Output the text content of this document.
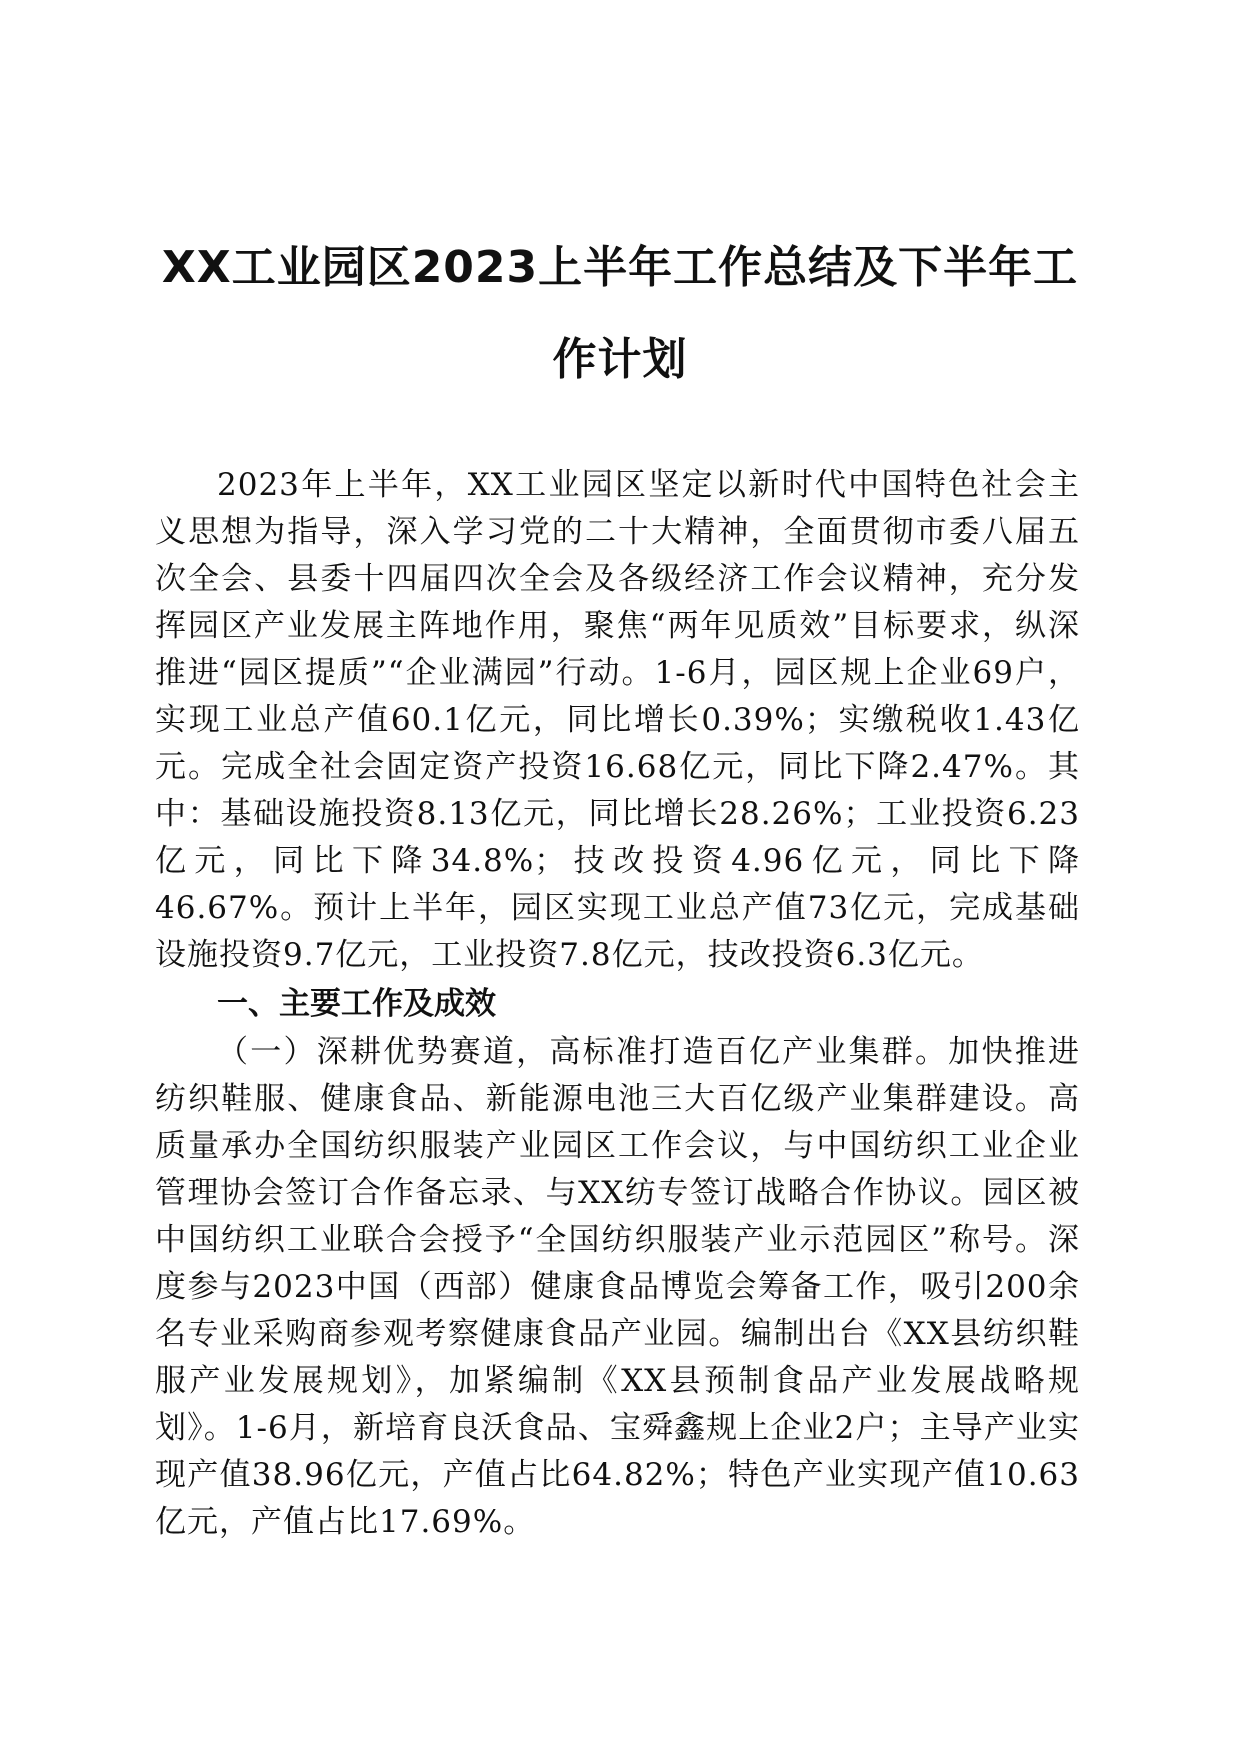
XX工业园区2023上半年工作总结及下半年工作计划

2023年上半年，XX工业园区坚定以新时代中国特色社会主义思想为指导，深入学习党的二十大精神，全面贯彻市委八届五次全会、县委十四届四次全会及各级经济工作会议精神，充分发挥园区产业发展主阵地作用，聚焦“两年见质效”目标要求，纵深推进“园区提质”“企业满园”行动。1-6月，园区规上企业69户，实现工业总产值60.1亿元，同比增长0.39%；实缴税收1.43亿元。完成全社会固定资产投资16.68亿元，同比下降2.47%。其中：基础设施投资8.13亿元，同比增长28.26%；工业投资6.23亿元，同比下降34.8%；技改投资4.96亿元，同比下降46.67%。预计上半年，园区实现工业总产值73亿元，完成基础设施投资9.7亿元，工业投资7.8亿元，技改投资6.3亿元。

一、主要工作及成效

（一）深耕优势赛道，高标准打造百亿产业集群。加快推进纺织鞋服、健康食品、新能源电池三大百亿级产业集群建设。高质量承办全国纺织服装产业园区工作会议，与中国纺织工业企业管理协会签订合作备忘录、与XX纺专签订战略合作协议。园区被中国纺织工业联合会授予“全国纺织服装产业示范园区”称号。深度参与2023中国（西部）健康食品博览会筹备工作，吸引200余名专业采购商参观考察健康食品产业园。编制出台《XX县纺织鞋服产业发展规划》，加紧编制《XX县预制食品产业发展战略规划》。1-6月，新培育良沃食品、宝舜鑫规上企业2户；主导产业实现产值38.96亿元，产值占比64.82%；特色产业实现产值10.63亿元，产值占比17.69%。
